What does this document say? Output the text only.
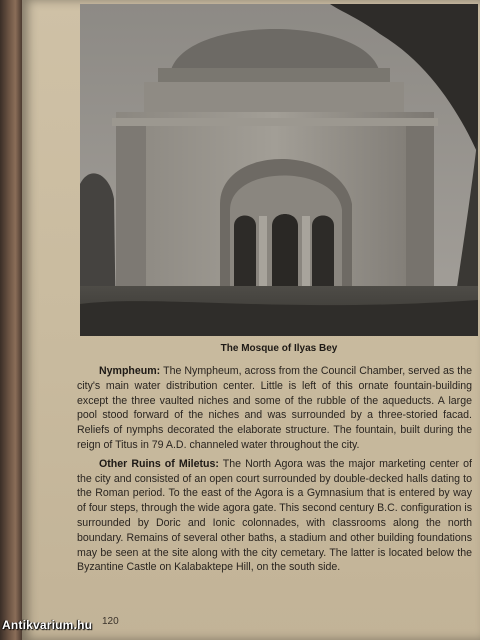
The Mosque of Ilyas Bey

Nympheum: The Nympheum, across from the Council Chamber, served as the city's main water distribution center. Little is left of this ornate fountain-building except the three vaulted niches and some of the rubble of the aqueducts. A large pool stood forward of the niches and was surrounded by a three-storied facad. Reliefs of nymphs decorated the elaborate structure. The fountain, built during the reign of Titus in 79 A.D. channeled water throughout the city.

Other Ruins of Miletus: The North Agora was the major marketing center of the city and consisted of an open court surrounded by double-decked halls dating to the Roman period. To the east of the Agora is a Gymnasium that is entered by way of four steps, through the wide agora gate. This second century B.C. configuration is surrounded by Doric and Ionic colonnades, with classrooms along the north boundary. Remains of several other baths, a stadium and other building foundations may be seen at the site along with the city cemetary. The latter is located below the Byzantine Castle on Kalabaktepe Hill, on the south side.

120
Antikvarium.hu
